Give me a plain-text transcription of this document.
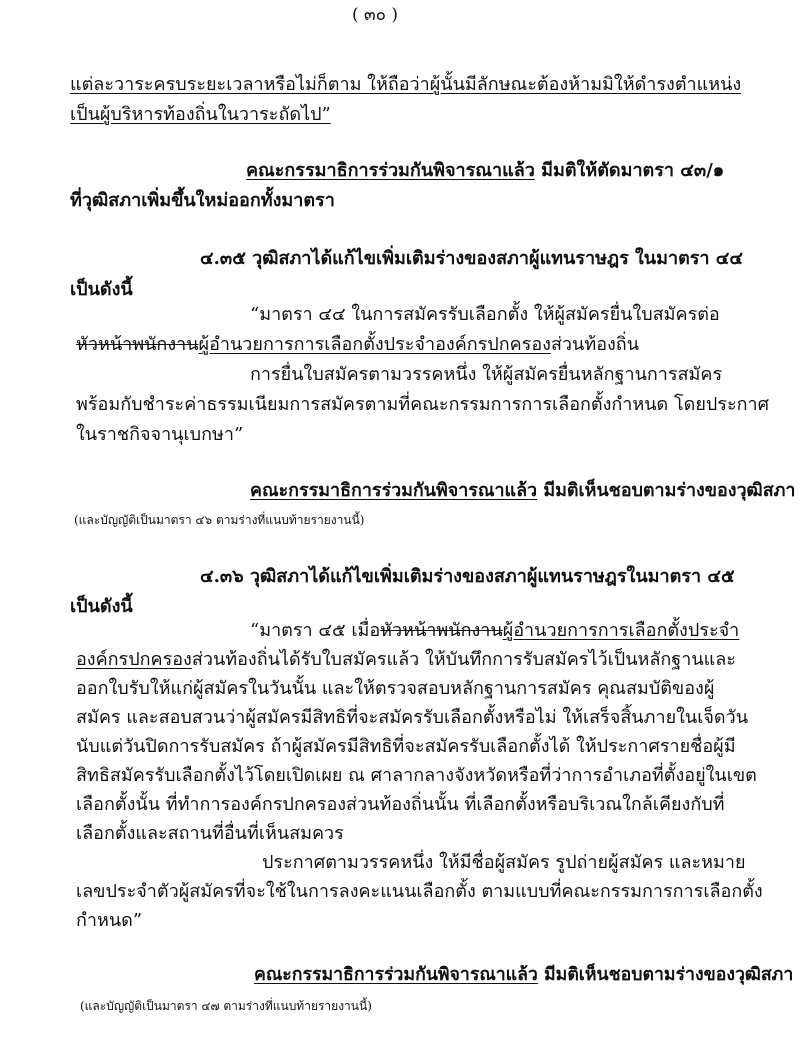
( ๓๐ )
แต่ละวาระครบระยะเวลาหรือไม่ก็ตาม ให้ถือว่าผู้นั้นมีลักษณะต้องห้ามมิให้ดำรงตำแหน่ง
เป็นผู้บริหารท้องถิ่นในวาระถัดไป”
คณะกรรมาธิการร่วมกันพิจารณาแล้ว มีมติให้ตัดมาตรา ๔๓/๑
ที่วุฒิสภาเพิ่มขึ้นใหม่ออกทั้งมาตรา
๔.๓๕ วุฒิสภาได้แก้ไขเพิ่มเติมร่างของสภาผู้แทนราษฎร ในมาตรา ๔๔
เป็นดังนี้
“มาตรา ๔๔ ในการสมัครรับเลือกตั้ง ให้ผู้สมัครยื่นใบสมัครต่อ
หัวหน้าพนักงานผู้อำนวยการการเลือกตั้งประจำองค์กรปกครองส่วนท้องถิ่น
การยื่นใบสมัครตามวรรคหนึ่ง ให้ผู้สมัครยื่นหลักฐานการสมัคร
พร้อมกับชำระค่าธรรมเนียมการสมัครตามที่คณะกรรมการการเลือกตั้งกำหนด โดยประกาศ
ในราชกิจจานุเบกษา”
คณะกรรมาธิการร่วมกันพิจารณาแล้ว มีมติเห็นชอบตามร่างของวุฒิสภา
(และบัญญัติเป็นมาตรา ๔๖ ตามร่างที่แนบท้ายรายงานนี้)
๔.๓๖ วุฒิสภาได้แก้ไขเพิ่มเติมร่างของสภาผู้แทนราษฎรในมาตรา ๔๕
เป็นดังนี้
“มาตรา ๔๕ เมื่อหัวหน้าพนักงานผู้อำนวยการการเลือกตั้งประจำ
องค์กรปกครองส่วนท้องถิ่นได้รับใบสมัครแล้ว ให้บันทึกการรับสมัครไว้เป็นหลักฐานและ
ออกใบรับให้แก่ผู้สมัครในวันนั้น และให้ตรวจสอบหลักฐานการสมัคร คุณสมบัติของผู้
สมัคร และสอบสวนว่าผู้สมัครมีสิทธิที่จะสมัครรับเลือกตั้งหรือไม่ ให้เสร็จสิ้นภายในเจ็ดวัน
นับแต่วันปิดการรับสมัคร ถ้าผู้สมัครมีสิทธิที่จะสมัครรับเลือกตั้งได้ ให้ประกาศรายชื่อผู้มี
สิทธิสมัครรับเลือกตั้งไว้โดยเปิดเผย ณ ศาลากลางจังหวัดหรือที่ว่าการอำเภอที่ตั้งอยู่ในเขต
เลือกตั้งนั้น ที่ทำการองค์กรปกครองส่วนท้องถิ่นนั้น ที่เลือกตั้งหรือบริเวณใกล้เคียงกับที่
เลือกตั้งและสถานที่อื่นที่เห็นสมควร
ประกาศตามวรรคหนึ่ง ให้มีชื่อผู้สมัคร รูปถ่ายผู้สมัคร และหมาย
เลขประจำตัวผู้สมัครที่จะใช้ในการลงคะแนนเลือกตั้ง ตามแบบที่คณะกรรมการการเลือกตั้ง
กำหนด”
คณะกรรมาธิการร่วมกันพิจารณาแล้ว มีมติเห็นชอบตามร่างของวุฒิสภา
(และบัญญัติเป็นมาตรา ๔๗ ตามร่างที่แนบท้ายรายงานนี้)
